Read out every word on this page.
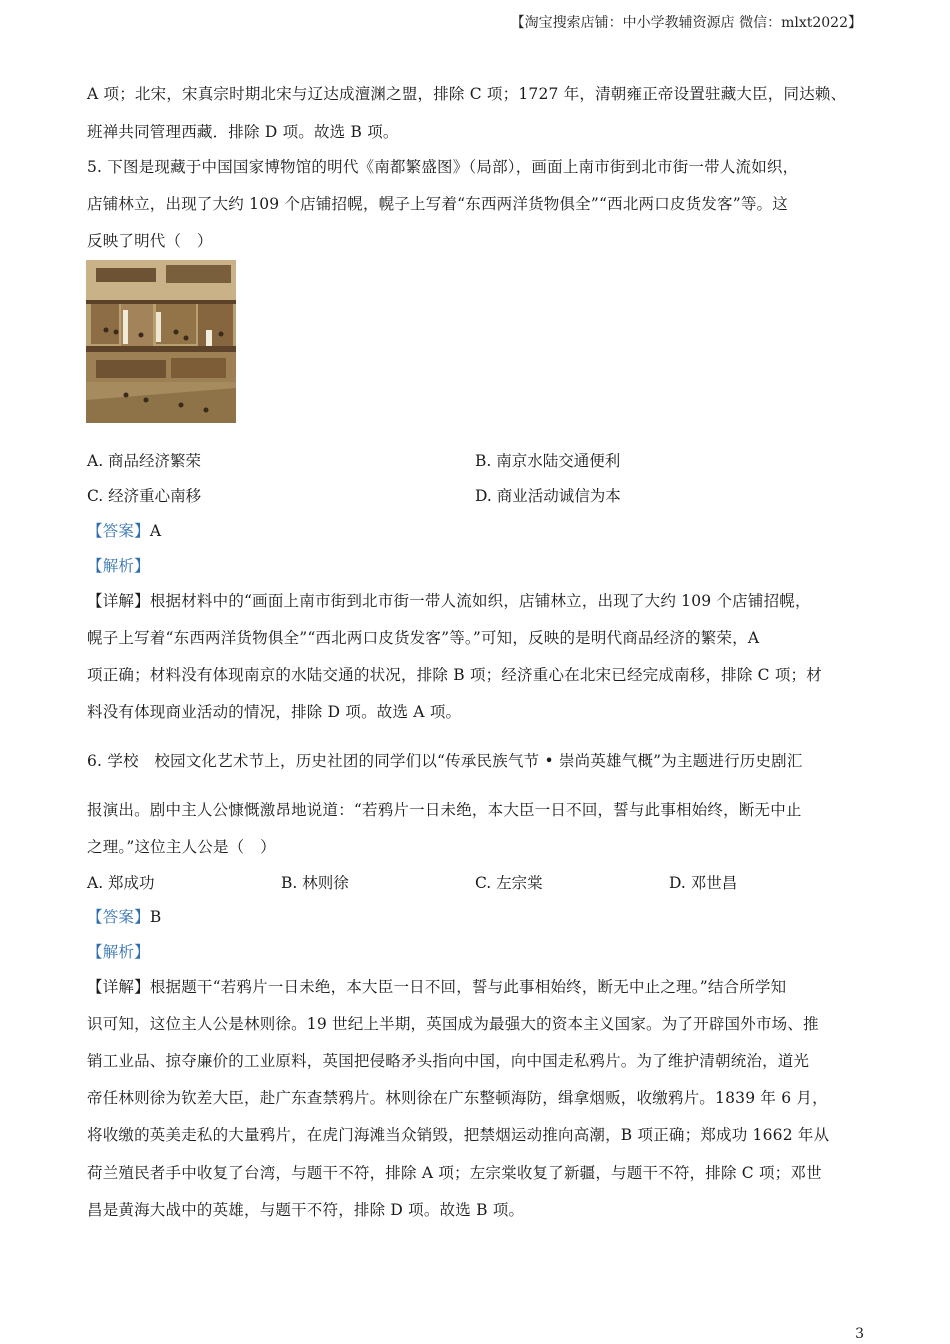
【淘宝搜索店铺：中小学教辅资源店 微信：mlxt2022】
A 项；北宋，宋真宗时期北宋与辽达成澶渊之盟，排除 C 项；1727 年，清朝雍正帝设置驻藏大臣，同达赖、
班禅共同管理西藏．排除 D 项。故选 B 项。
5. 下图是现藏于中国国家博物馆的明代《南都繁盛图》（局部），画面上南市街到北市街一带人流如织，
店铺林立，出现了大约 109 个店铺招幌，幌子上写着“东西两洋货物俱全”“西北两口皮货发客”等。这
反映了明代（　）
A. 商品经济繁荣	B. 南京水陆交通便利
C. 经济重心南移	D. 商业活动诚信为本
【答案】A
【解析】
【详解】根据材料中的“画面上南市街到北市街一带人流如织，店铺林立，出现了大约 109 个店铺招幌，
幌子上写着“东西两洋货物俱全”“西北两口皮货发客”等。”可知，反映的是明代商品经济的繁荣，A
项正确；材料没有体现南京的水陆交通的状况，排除 B 项；经济重心在北宋已经完成南移，排除 C 项；材
料没有体现商业活动的情况，排除 D 项。故选 A 项。
6. 学校　校园文化艺术节上，历史社团的同学们以“传承民族气节 • 崇尚英雄气概”为主题进行历史剧汇
报演出。剧中主人公慷慨激昂地说道：“若鸦片一日未绝，本大臣一日不回，誓与此事相始终，断无中止
之理。”这位主人公是（　）
A. 郑成功	B. 林则徐	C. 左宗棠	D. 邓世昌
【答案】B
【解析】
【详解】根据题干“若鸦片一日未绝，本大臣一日不回，誓与此事相始终，断无中止之理。”结合所学知
识可知，这位主人公是林则徐。19 世纪上半期，英国成为最强大的资本主义国家。为了开辟国外市场、推
销工业品、掠夺廉价的工业原料，英国把侵略矛头指向中国，向中国走私鸦片。为了维护清朝统治，道光
帝任林则徐为钦差大臣，赴广东查禁鸦片。林则徐在广东整顿海防，缉拿烟贩，收缴鸦片。1839 年 6 月，
将收缴的英美走私的大量鸦片，在虎门海滩当众销毁，把禁烟运动推向高潮，B 项正确；郑成功 1662 年从
荷兰殖民者手中收复了台湾，与题干不符，排除 A 项；左宗棠收复了新疆，与题干不符，排除 C 项；邓世
昌是黄海大战中的英雄，与题干不符，排除 D 项。故选 B 项。
3
